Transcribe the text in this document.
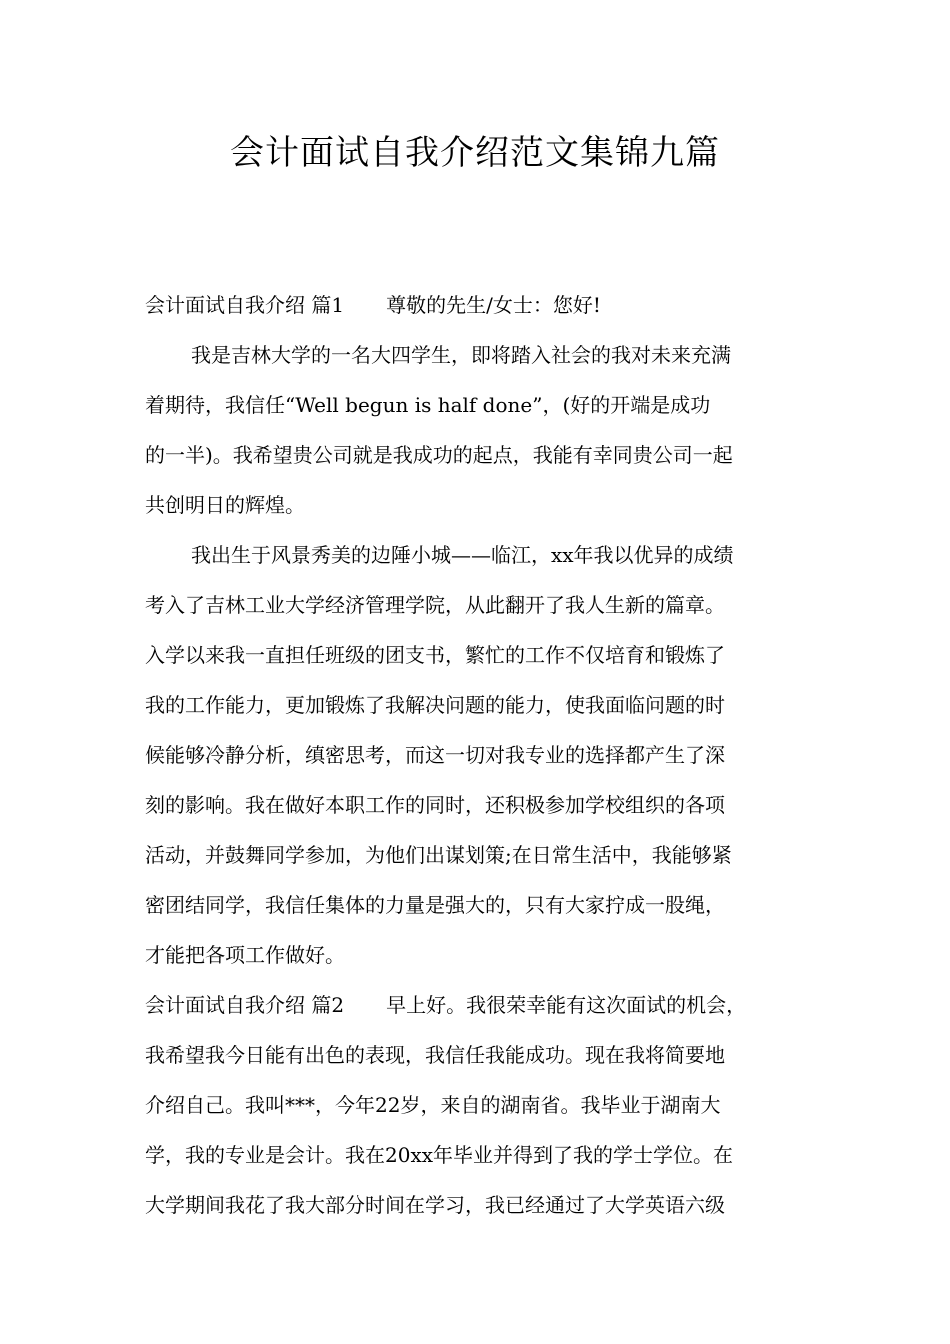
会计面试自我介绍范文集锦九篇
会计面试自我介绍 篇1 尊敬的先生/女士：您好!
我是吉林大学的一名大四学生，即将踏入社会的我对未来充满
着期待，我信任“Well begun is half done”，(好的开端是成功
的一半)。我希望贵公司就是我成功的起点，我能有幸同贵公司一起
共创明日的辉煌。
我出生于风景秀美的边陲小城——临江，xx年我以优异的成绩
考入了吉林工业大学经济管理学院，从此翻开了我人生新的篇章。
入学以来我一直担任班级的团支书，繁忙的工作不仅培育和锻炼了
我的工作能力，更加锻炼了我解决问题的能力，使我面临问题的时
候能够冷静分析，缜密思考，而这一切对我专业的选择都产生了深
刻的影响。我在做好本职工作的同时，还积极参加学校组织的各项
活动，并鼓舞同学参加，为他们出谋划策;在日常生活中，我能够紧
密团结同学，我信任集体的力量是强大的，只有大家拧成一股绳，
才能把各项工作做好。
会计面试自我介绍 篇2 早上好。我很荣幸能有这次面试的机会，
我希望我今日能有出色的表现，我信任我能成功。现在我将简要地
介绍自己。我叫***，今年22岁，来自的湖南省。我毕业于湖南大
学，我的专业是会计。我在20xx年毕业并得到了我的学士学位。在
大学期间我花了我大部分时间在学习，我已经通过了大学英语六级
